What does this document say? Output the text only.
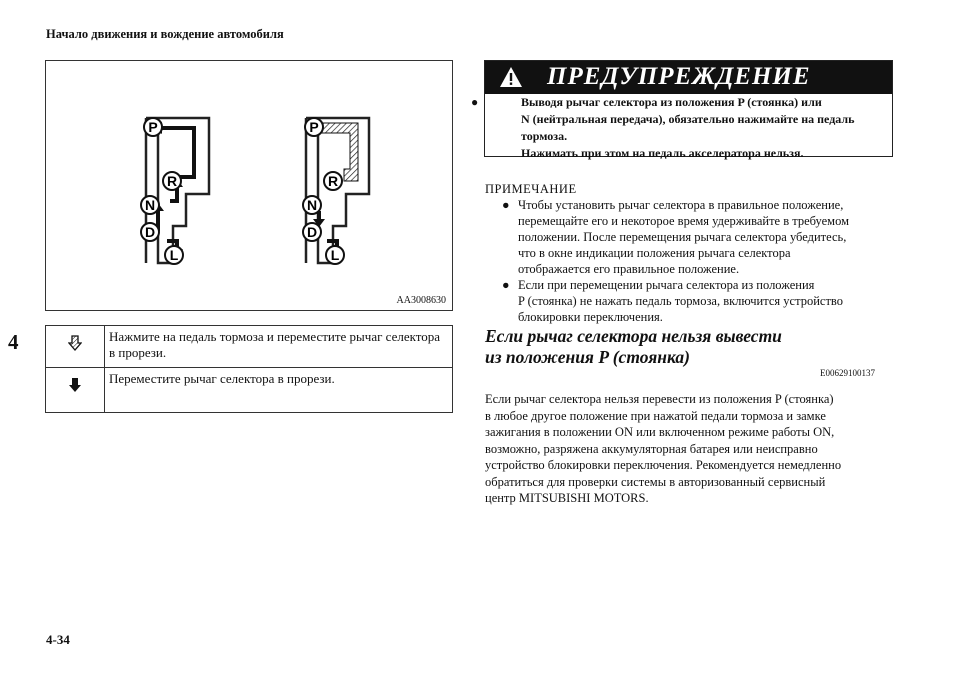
Начало движения и вождение автомобиля
4
4-34
P
R
N
D
L
P
R
N
D
L
AA3008630
	Нажмите на педаль тормоза и переместите рычаг селектора в прорези.
	Переместите рычаг селектора в прорези.
ПРЕДУПРЕЖДЕНИЕ
●	Выводя рычаг селектора из положения P (стоянка) или
N (нейтральная передача), обязательно нажимайте на педаль
тормоза.
Нажимать при этом на педаль акселератора нельзя.
ПРИМЕЧАНИЕ
● Чтобы установить рычаг селектора в правильное положение,
перемещайте его и некоторое время удерживайте в требуемом
положении. После перемещения рычага селектора убедитесь,
что в окне индикации положения рычага селектора
отображается его правильное положение.
● Если при перемещении рычага селектора из положения
P (стоянка) не нажать педаль тормоза, включится устройство
блокировки переключения.
Если рычаг селектора нельзя вывести
из положения P (стоянка)
E00629100137
Если рычаг селектора нельзя перевести из положения P (стоянка)
в любое другое положение при нажатой педали тормоза и замке
зажигания в положении ON или включенном режиме работы ON,
возможно, разряжена аккумуляторная батарея или неисправно
устройство блокировки переключения. Рекомендуется немедленно
обратиться для проверки системы в авторизованный сервисный
центр MITSUBISHI MOTORS.
